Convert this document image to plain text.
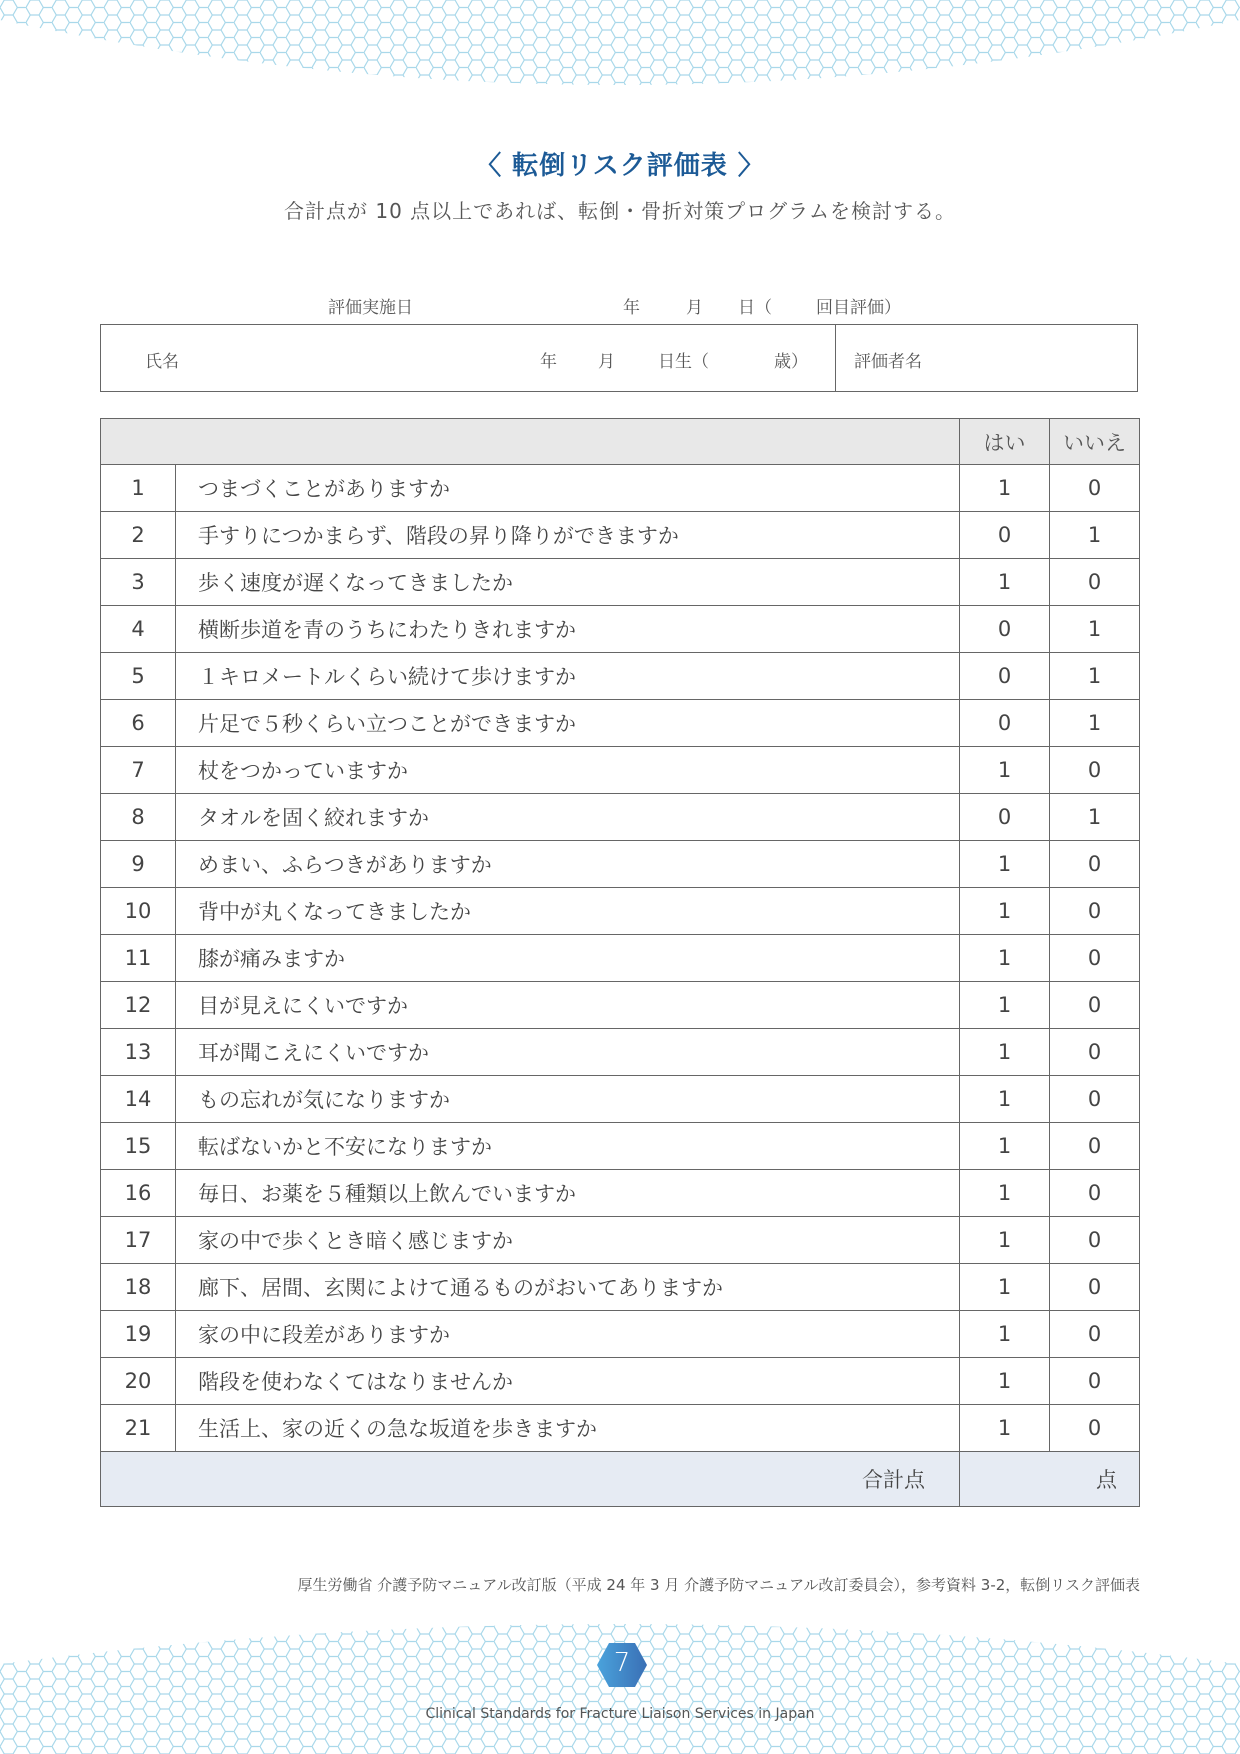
〈 転倒リスク評価表 〉
合計点が 10 点以上であれば、転倒・骨折対策プログラムを検討する。
評価実施日	年	月 日（	回目評価）
氏名	年 月	日生（	歳）	評価者名
		はい	いいえ
1	つまづくことがありますか	1	0
2	手すりにつかまらず、階段の昇り降りができますか	0	1
3	歩く速度が遅くなってきましたか	1	0
4	横断歩道を青のうちにわたりきれますか	0	1
5	１キロメートルくらい続けて歩けますか	0	1
6	片足で５秒くらい立つことができますか	0	1
7	杖をつかっていますか	1	0
8	タオルを固く絞れますか	0	1
9	めまい、ふらつきがありますか	1	0
10	背中が丸くなってきましたか	1	0
11	膝が痛みますか	1	0
12	目が見えにくいですか	1	0
13	耳が聞こえにくいですか	1	0
14	もの忘れが気になりますか	1	0
15	転ばないかと不安になりますか	1	0
16	毎日、お薬を５種類以上飲んでいますか	1	0
17	家の中で歩くとき暗く感じますか	1	0
18	廊下、居間、玄関によけて通るものがおいてありますか	1	0
19	家の中に段差がありますか	1	0
20	階段を使わなくてはなりませんか	1	0
21	生活上、家の近くの急な坂道を歩きますか	1	0
合計点		点	
厚生労働省 介護予防マニュアル改訂版（平成 24 年 3 月 介護予防マニュアル改訂委員会），参考資料 3-2，転倒リスク評価表
7
Clinical Standards for Fracture Liaison Services in Japan
